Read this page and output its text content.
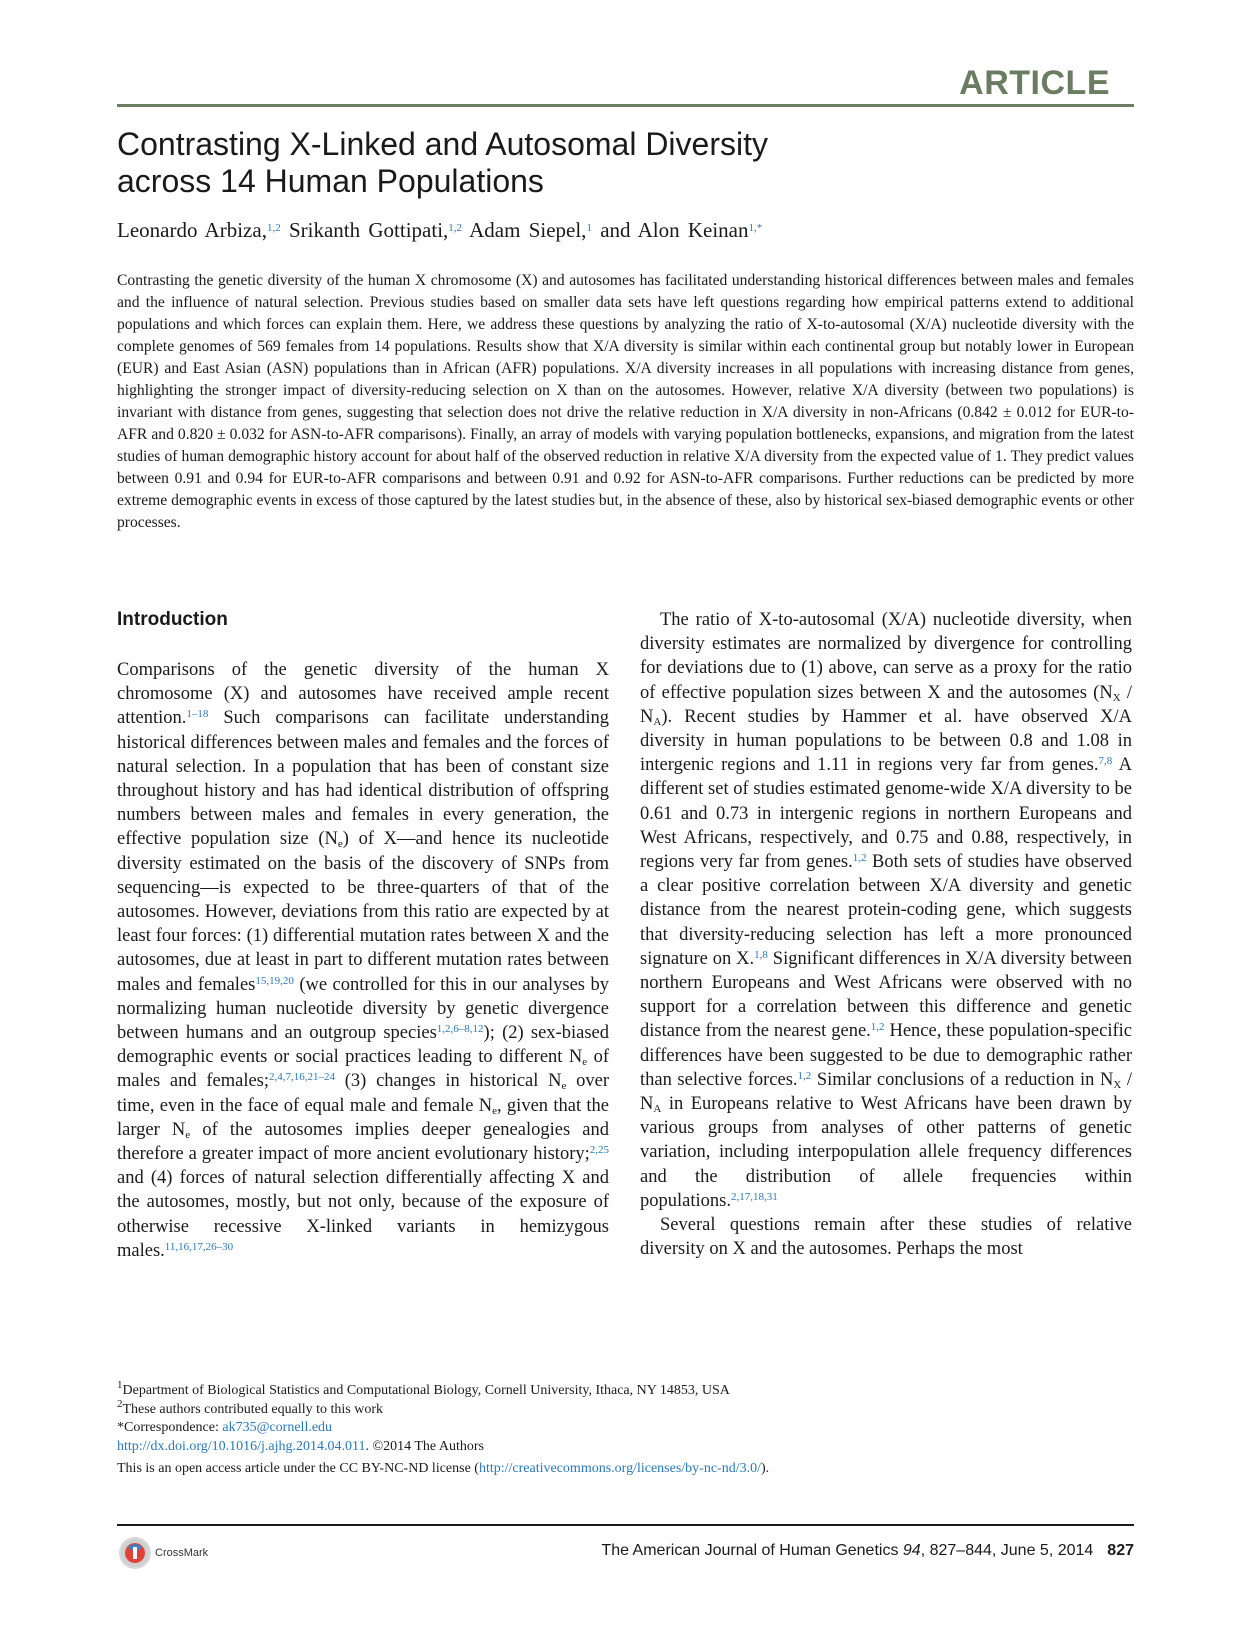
ARTICLE
Contrasting X-Linked and Autosomal Diversity
across 14 Human Populations
Leonardo Arbiza,$^{1,2}$ Srikanth Gottipati,$^{1,2}$ Adam Siepel,$^1$ and Alon Keinan$^{1,*}$

Contrasting the genetic diversity of the human X chromosome (X) and autosomes has facilitated understanding historical differences between males and females and the influence of natural selection. Previous studies based on smaller data sets have left questions regarding how empirical patterns extend to additional populations and which forces can explain them. Here, we address these questions by analyzing the ratio of X-to-autosomal (X/A) nucleotide diversity with the complete genomes of 569 females from 14 populations. Results show that X/A diversity is similar within each continental group but notably lower in European (EUR) and East Asian (ASN) populations than in African (AFR) populations. X/A diversity increases in all populations with increasing distance from genes, highlighting the stronger impact of diversity-reducing selection on X than on the autosomes. However, relative X/A diversity (between two populations) is invariant with distance from genes, suggesting that selection does not drive the relative reduction in X/A diversity in non-Africans (0.842 ± 0.012 for EUR-to-AFR and 0.820 ± 0.032 for ASN-to-AFR comparisons). Finally, an array of models with varying population bottlenecks, expansions, and migration from the latest studies of human demographic history account for about half of the observed reduction in relative X/A diversity from the expected value of 1. They predict values between 0.91 and 0.94 for EUR-to-AFR comparisons and between 0.91 and 0.92 for ASN-to-AFR comparisons. Further reductions can be predicted by more extreme demographic events in excess of those captured by the latest studies but, in the absence of these, also by historical sex-biased demographic events or other processes.

Introduction

Comparisons of the genetic diversity of the human X chromosome (X) and autosomes have received ample recent attention.$^{1-18}$ Such comparisons can facilitate understanding historical differences between males and females and the forces of natural selection. In a population that has been of constant size throughout history and has had identical distribution of offspring numbers between males and females in every generation, the effective population size $(N_e)$ of X—and hence its nucleotide diversity estimated on the basis of the discovery of SNPs from sequencing—is expected to be three-quarters of that of the autosomes. However, deviations from this ratio are expected by at least four forces: (1) differential mutation rates between X and the autosomes, due at least in part to different mutation rates between males and females$^{15,19,20}$ (we controlled for this in our analyses by normalizing human nucleotide diversity by genetic divergence between humans and an outgroup species$^{1,2,6-8,12}$); (2) sex-biased demographic events or social practices leading to different $N_e$ of males and females;$^{2,4,7,16,21-24}$ (3) changes in historical $N_e$ over time, even in the face of equal male and female $N_e$, given that the larger $N_e$ of the autosomes implies deeper genealogies and therefore a greater impact of more ancient evolutionary history;$^{2,25}$ and (4) forces of natural selection differentially affecting X and the autosomes, mostly, but not only, because of the exposure of otherwise recessive X-linked variants in hemizygous males.$^{11,16,17,26-30}$

The ratio of X-to-autosomal (X/A) nucleotide diversity, when diversity estimates are normalized by divergence for controlling for deviations due to (1) above, can serve as a proxy for the ratio of effective population sizes between X and the autosomes $(N_X / N_A)$. Recent studies by Hammer et al. have observed X/A diversity in human populations to be between 0.8 and 1.08 in intergenic regions and 1.11 in regions very far from genes.$^{7,8}$ A different set of studies estimated genome-wide X/A diversity to be 0.61 and 0.73 in intergenic regions in northern Europeans and West Africans, respectively, and 0.75 and 0.88, respectively, in regions very far from genes.$^{1,2}$ Both sets of studies have observed a clear positive correlation between X/A diversity and genetic distance from the nearest protein-coding gene, which suggests that diversity-reducing selection has left a more pronounced signature on X.$^{1,8}$ Significant differences in X/A diversity between northern Europeans and West Africans were observed with no support for a correlation between this difference and genetic distance from the nearest gene.$^{1,2}$ Hence, these population-specific differences have been suggested to be due to demographic rather than selective forces.$^{1,2}$ Similar conclusions of a reduction in $N_X / N_A$ in Europeans relative to West Africans have been drawn by various groups from analyses of other patterns of genetic variation, including interpopulation allele frequency differences and the distribution of allele frequencies within populations.$^{2,17,18,31}$

Several questions remain after these studies of relative diversity on X and the autosomes. Perhaps the most

$^1$Department of Biological Statistics and Computational Biology, Cornell University, Ithaca, NY 14853, USA
$^2$These authors contributed equally to this work
*Correspondence: ak735@cornell.edu
http://dx.doi.org/10.1016/j.ajhg.2014.04.011. ©2014 The Authors
This is an open access article under the CC BY-NC-ND license (http://creativecommons.org/licenses/by-nc-nd/3.0/).
CrossMark	The American Journal of Human Genetics 94, 827–844, June 5, 2014 827
